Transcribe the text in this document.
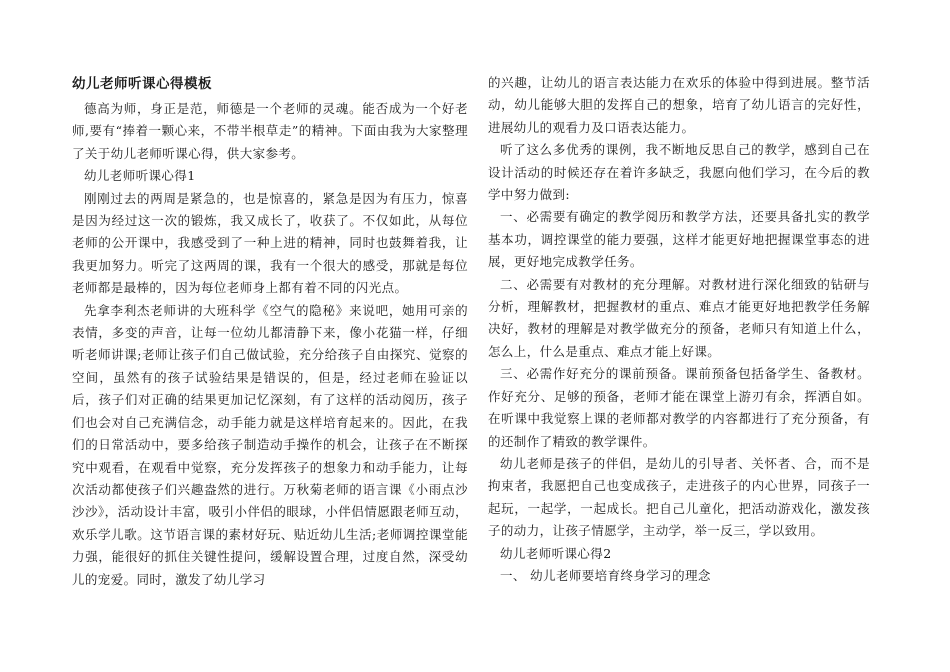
幼儿老师听课心得模板

德高为师，身正是范，师德是一个老师的灵魂。能否成为一个好老师,要有“捧着一颗心来，不带半根草走”的精神。下面由我为大家整理了关于幼儿老师听课心得，供大家参考。

幼儿老师听课心得1

刚刚过去的两周是紧急的，也是惊喜的，紧急是因为有压力，惊喜是因为经过这一次的锻炼，我又成长了，收获了。不仅如此，从每位老师的公开课中，我感受到了一种上进的精神，同时也鼓舞着我，让我更加努力。听完了这两周的课，我有一个很大的感受，那就是每位老师都是最棒的，因为每位老师身上都有着不同的闪光点。

先拿李利杰老师讲的大班科学《空气的隐秘》来说吧，她用可亲的表情，多变的声音，让每一位幼儿都清静下来，像小花猫一样，仔细听老师讲课;老师让孩子们自己做试验，充分给孩子自由探究、觉察的空间，虽然有的孩子试验结果是错误的，但是，经过老师在验证以后，孩子们对正确的结果更加记忆深刻，有了这样的活动阅历，孩子们也会对自己充满信念，动手能力就是这样培育起来的。因此，在我们的日常活动中，要多给孩子制造动手操作的机会，让孩子在不断探究中观看，在观看中觉察，充分发挥孩子的想象力和动手能力，让每次活动都使孩子们兴趣盎然的进行。万秋菊老师的语言课《小雨点沙沙沙》，活动设计丰富，吸引小伴侣的眼球，小伴侣情愿跟老师互动，欢乐学儿歌。这节语言课的素材好玩、贴近幼儿生活;老师调控课堂能力强，能很好的抓住关键性提问，缓解设置合理，过度自然，深受幼儿的宠爱。同时，激发了幼儿学习

的兴趣，让幼儿的语言表达能力在欢乐的体验中得到进展。整节活动，幼儿能够大胆的发挥自己的想象，培育了幼儿语言的完好性，进展幼儿的观看力及口语表达能力。

听了这么多优秀的课例，我不断地反思自己的教学，感到自己在设计活动的时候还存在着许多缺乏，我愿向他们学习，在今后的教学中努力做到:

一、必需要有确定的教学阅历和教学方法，还要具备扎实的教学基本功，调控课堂的能力要强，这样才能更好地把握课堂事态的进展，更好地完成教学任务。

二、必需要有对教材的充分理解。对教材进行深化细致的钻研与分析，理解教材，把握教材的重点、难点才能更好地把教学任务解决好，教材的理解是对教学做充分的预备，老师只有知道上什么，怎么上，什么是重点、难点才能上好课。

三、必需作好充分的课前预备。课前预备包括备学生、备教材。作好充分、足够的预备，老师才能在课堂上游刃有余，挥洒自如。在听课中我觉察上课的老师都对教学的内容都进行了充分预备，有的还制作了精致的教学课件。

幼儿老师是孩子的伴侣，是幼儿的引导者、关怀者、合，而不是拘束者，我愿把自己也变成孩子，走进孩子的内心世界，同孩子一起玩，一起学，一起成长。把自己儿童化，把活动游戏化，激发孩子的动力，让孩子情愿学，主动学，举一反三，学以致用。

幼儿老师听课心得2

一、 幼儿老师要培育终身学习的理念
